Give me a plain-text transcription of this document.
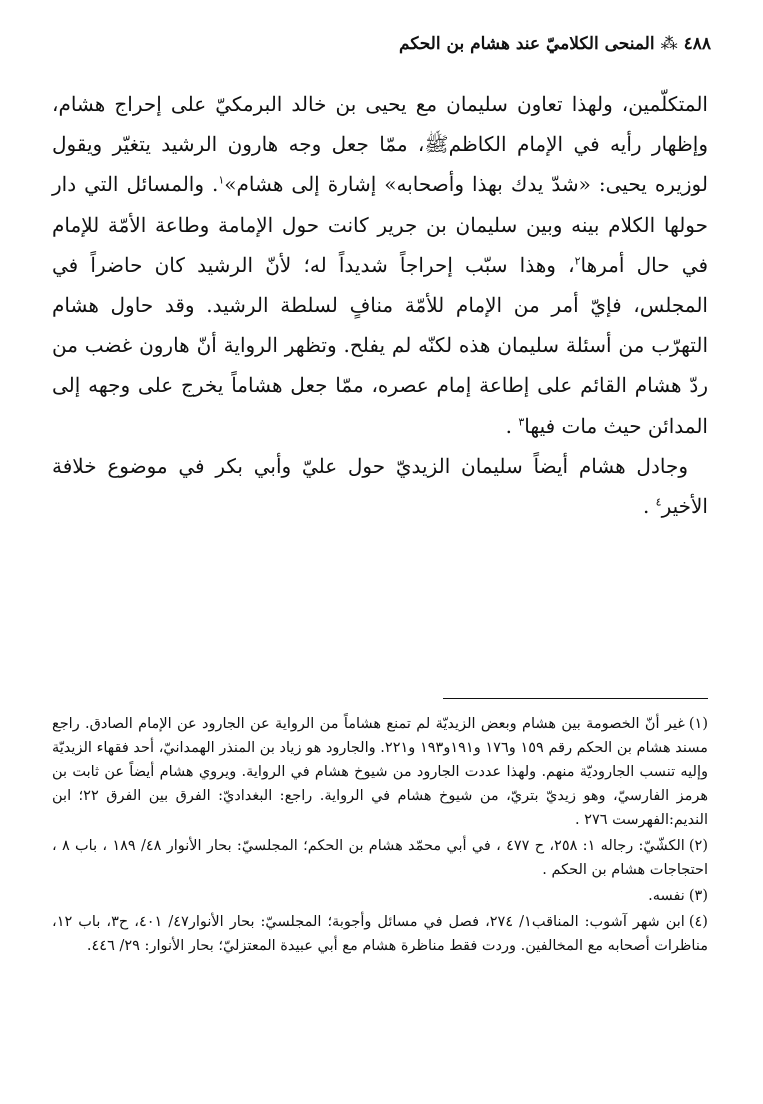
٤٨٨
⁂
المنحى الكلاميّ عند هشام بن الحكم

المتكلّمين، ولهذا تعاون سليمان مع يحيى بن خالد البرمكيّ على إحراج هشام، وإظهار رأيه في الإمام الكاظمﷺ، ممّا جعل وجه هارون الرشيد يتغيّر ويقول لوزيره يحيى: «شدّ يدك بهذا وأصحابه» إشارة إلى هشام»$^١$. والمسائل التي دار حولها الكلام بينه وبين سليمان بن جرير كانت حول الإمامة وطاعة الأمّة للإمام في حال أمرها$^٢$، وهذا سبّب إحراجاً شديداً له؛ لأنّ الرشيد كان حاضراً في المجلس، فإيّ أمر من الإمام للأمّة منافٍ لسلطة الرشيد. وقد حاول هشام التهرّب من أسئلة سليمان هذه لكنّه لم يفلح. وتظهر الرواية أنّ هارون غضب من ردّ هشام القائم على إطاعة إمام عصره، ممّا جعل هشاماً يخرج على وجهه إلى المدائن حيث مات فيها$^٣$ .

وجادل هشام أيضاً سليمان الزيديّ حول عليّ وأبي بكر في موضوع خلافة الأخير$^٤$ .

(١)غير أنّ الخصومة بين هشام وبعض الزيديّة لم تمنع هشاماً من الرواية عن الجارود عن الإمام الصادق. راجع مسند هشام بن الحكم رقم ١٥٩ و١٧٦ و١٩١و١٩٣ و٢٢١. والجارود هو زياد بن المنذر الهمدانيّ، أحد فقهاء الزيديّة وإليه تنسب الجاروديّة منهم. ولهذا عددت الجارود من شيوخ هشام في الرواية. ويروي هشام أيضاً عن ثابت بن هرمز الفارسيّ، وهو زيديّ بتريّ، من شيوخ هشام في الرواية. راجع: البغداديّ: الفرق بين الفرق ٢٢؛ ابن النديم:الفهرست ٢٧٦ .

(٢)الكشّيّ: رجاله ١: ٢٥٨، ح ٤٧٧ ، في أبي محمّد هشام بن الحكم؛ المجلسيّ: بحار الأنوار ٤٨/ ١٨٩ ، باب ٨ ، احتجاجات هشام بن الحكم .

(٣)نفسه.

(٤)ابن شهر آشوب: المناقب١/ ٢٧٤، فصل في مسائل وأجوبة؛ المجلسيّ: بحار الأنوار٤٧/ ٤٠١، ح٣، باب ١٢، مناظرات أصحابه مع المخالفين. وردت فقط مناظرة هشام مع أبي عبيدة المعتزليّ؛ بحار الأنوار: ٢٩/ ٤٤٦.
